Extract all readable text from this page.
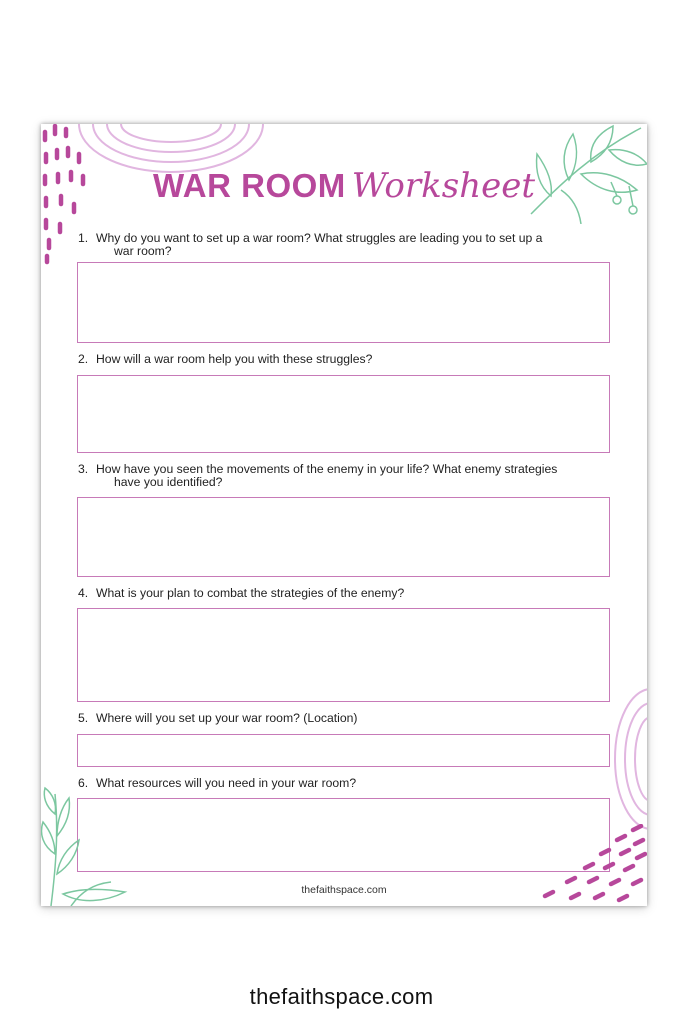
WAR ROOM Worksheet
1. Why do you want to set up a war room? What struggles are leading you to set up a
war room?
2. How will a war room help you with these struggles?
3. How have you seen the movements of the enemy in your life? What enemy strategies
have you identified?
4. What is your plan to combat the strategies of the enemy?
5. Where will you set up your war room? (Location)
6. What resources will you need in your war room?
thefaithspace.com
thefaithspace.com
